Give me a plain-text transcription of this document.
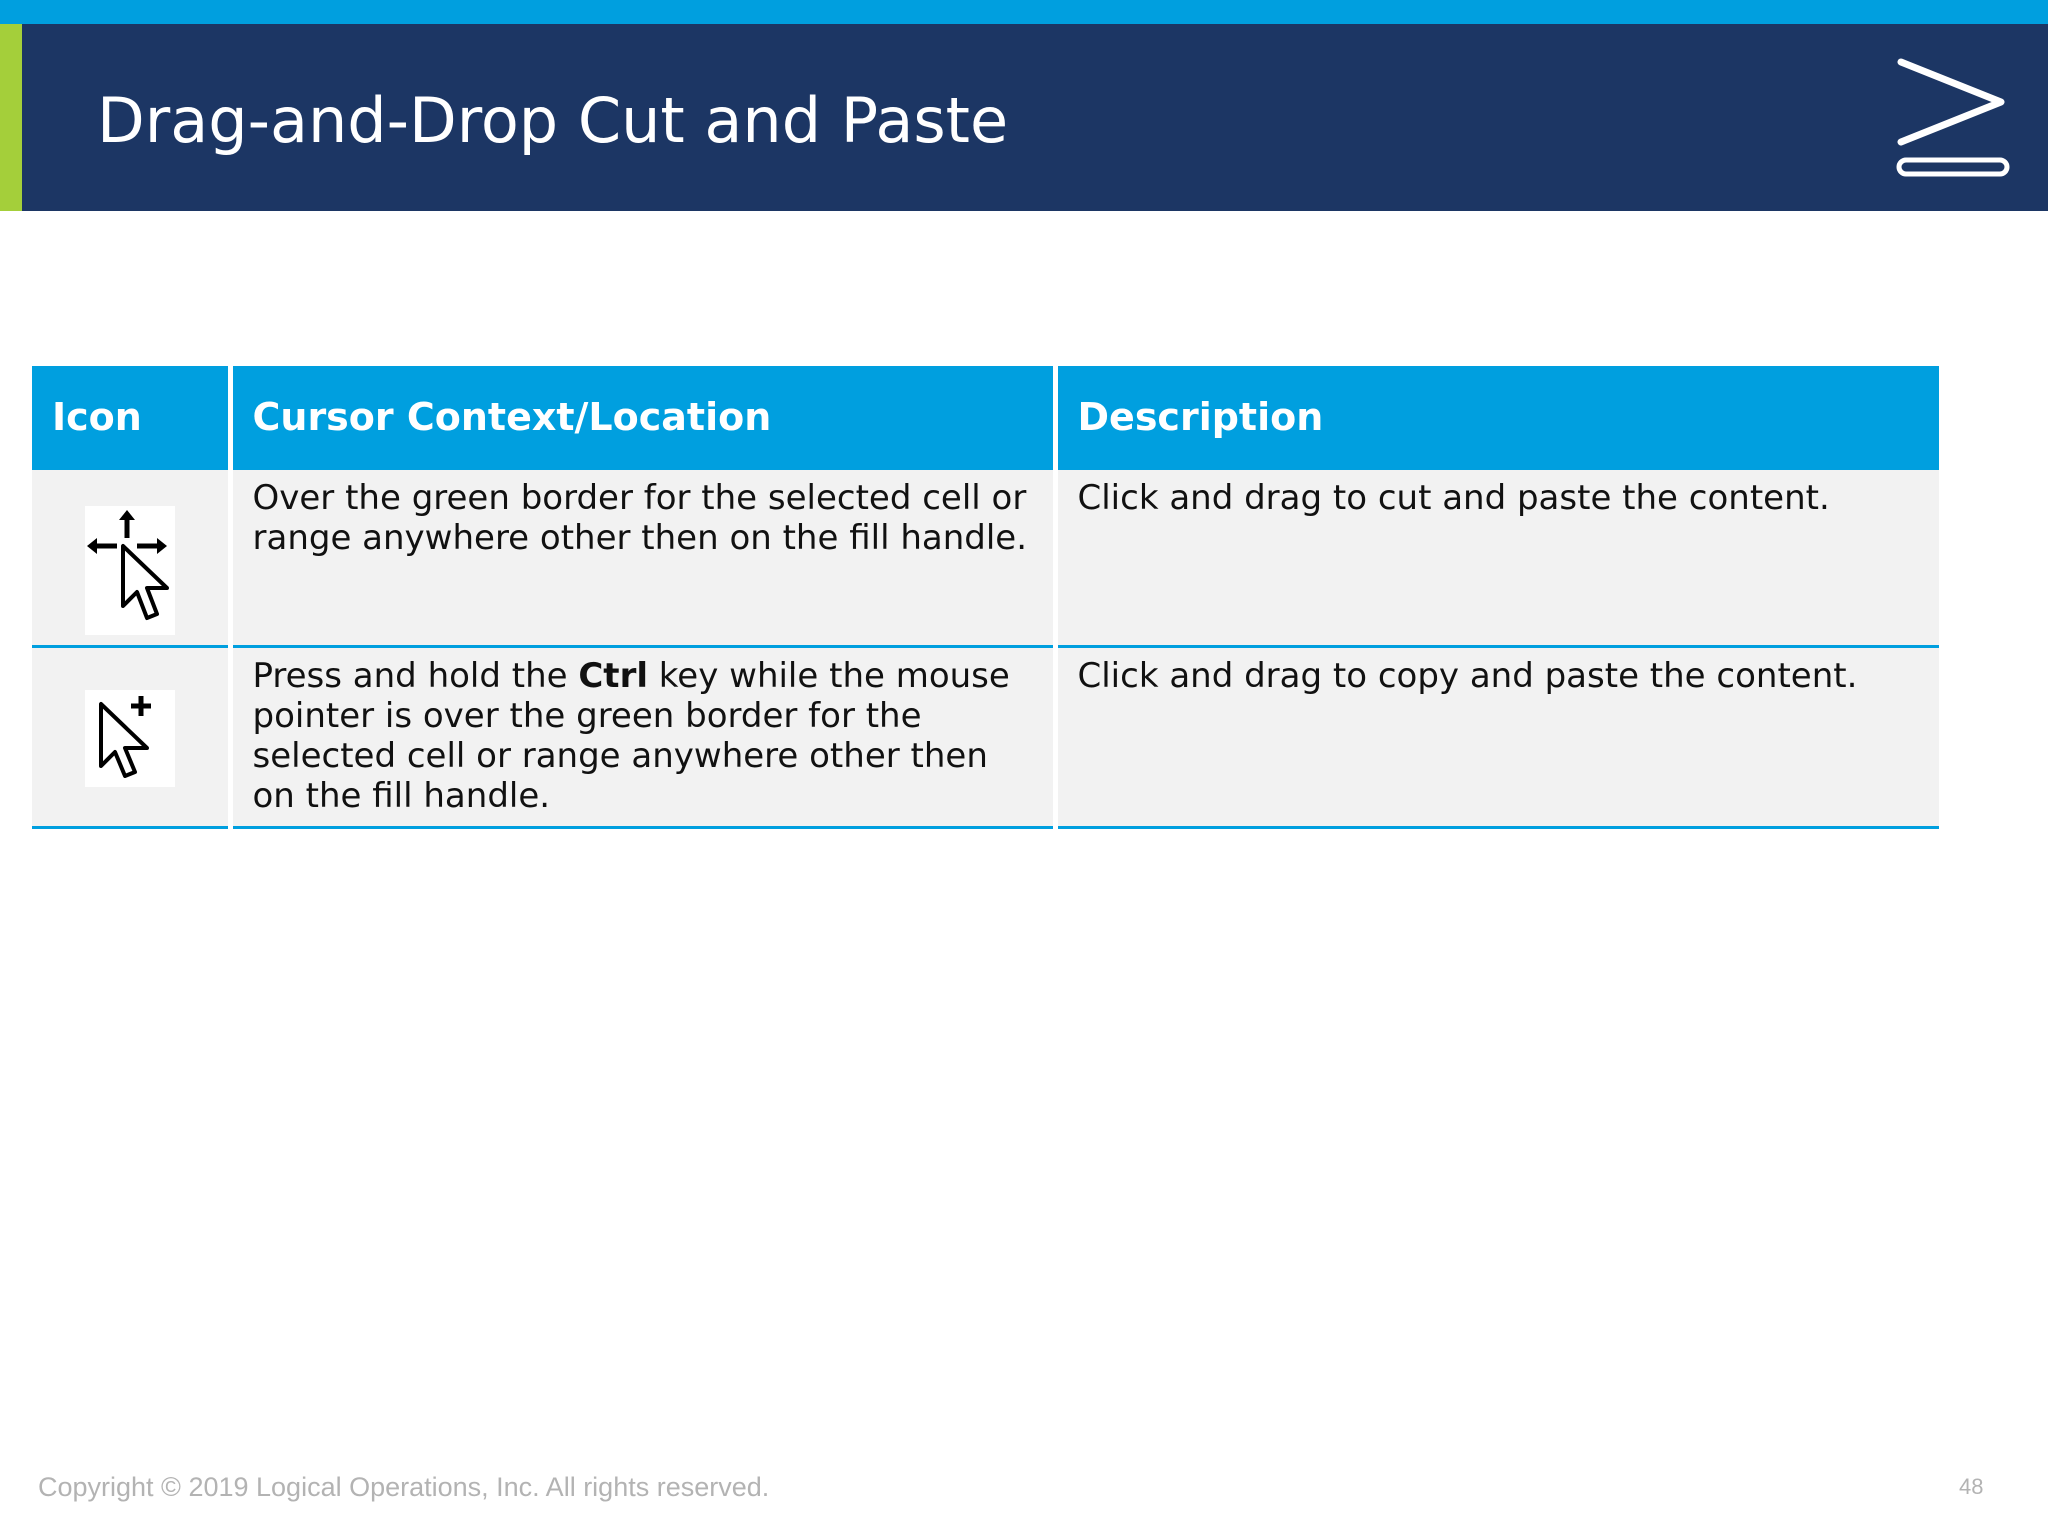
Drag-and-Drop Cut and Paste
Icon	Cursor Context/Location	Description
	Over the green border for the selected cell or range anywhere other then on the fill handle.	Click and drag to cut and paste the content.
	Press and hold the Ctrl key while the mouse pointer is over the green border for the selected cell or range anywhere other then on the fill handle.	Click and drag to copy and paste the content.
Copyright © 2019 Logical Operations, Inc. All rights reserved.	48
